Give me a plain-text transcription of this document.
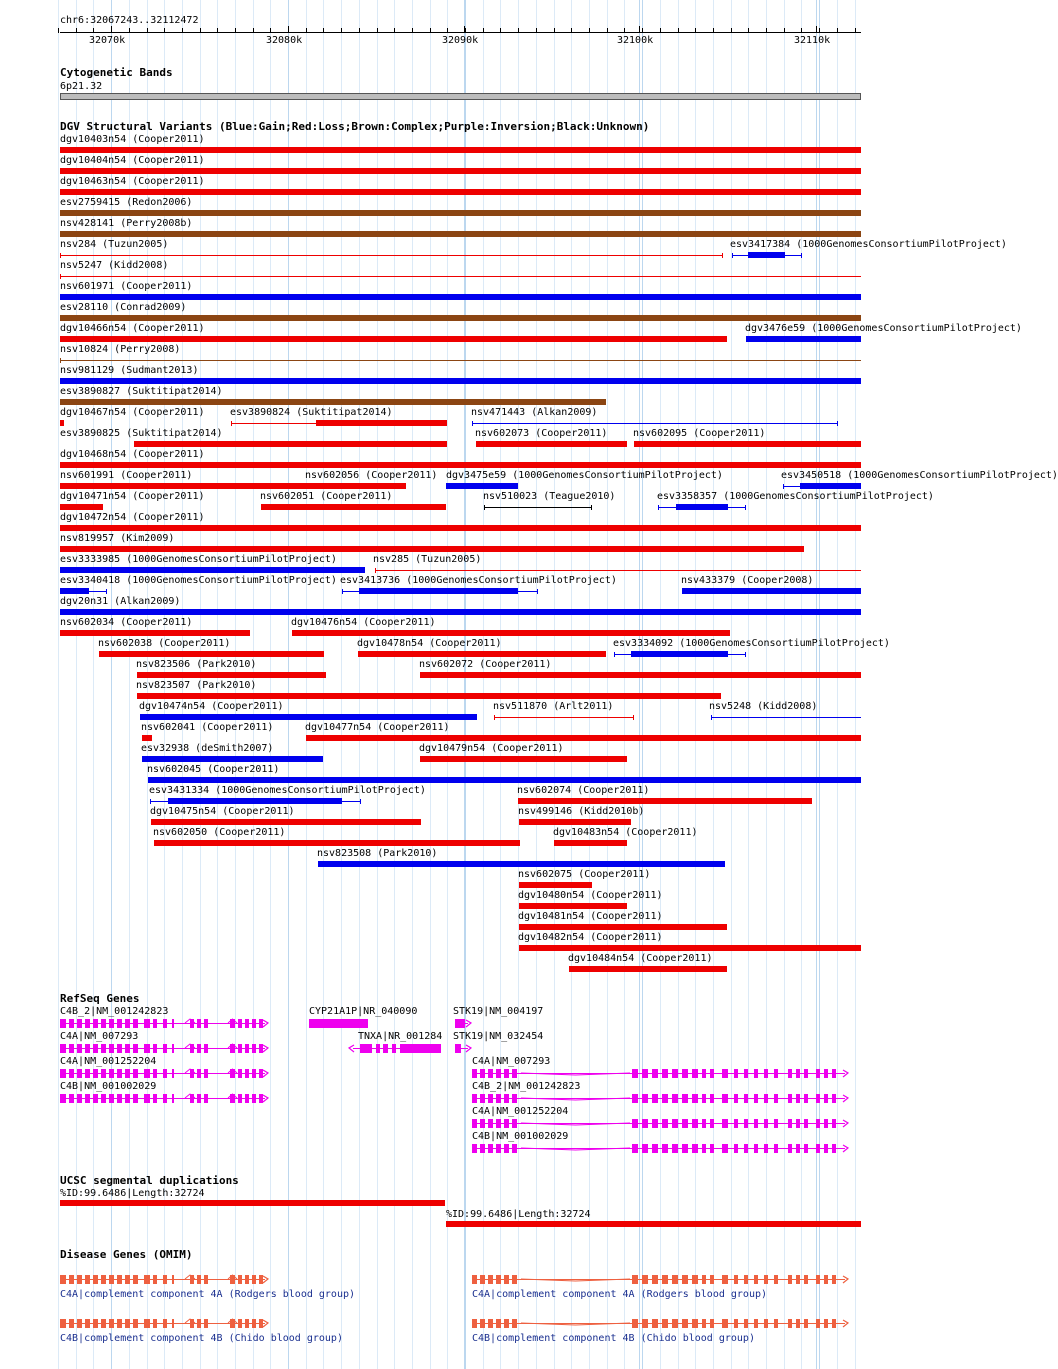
chr6:32067243..32112472
32070k	32080k	32090k	32100k	32110k
Cytogenetic Bands
6p21.32
DGV Structural Variants (Blue:Gain;Red:Loss;Brown:Complex;Purple:Inversion;Black:Unknown)
dgv10403n54 (Cooper2011)
dgv10404n54 (Cooper2011)
dgv10463n54 (Cooper2011)
esv2759415 (Redon2006)
nsv428141 (Perry2008b)
nsv284 (Tuzun2005)	esv3417384 (1000GenomesConsortiumPilotProject)
nsv5247 (Kidd2008)
nsv601971 (Cooper2011)
esv28110 (Conrad2009)
dgv10466n54 (Cooper2011)	dgv3476e59 (1000GenomesConsortiumPilotProject)
nsv10824 (Perry2008)
nsv981129 (Sudmant2013)
esv3890827 (Suktitipat2014)
dgv10467n54 (Cooper2011)	esv3890824 (Suktitipat2014)	nsv471443 (Alkan2009)
esv3890825 (Suktitipat2014)	nsv602073 (Cooper2011)	nsv602095 (Cooper2011)
dgv10468n54 (Cooper2011)
nsv601991 (Cooper2011)	nsv602056 (Cooper2011) dgv3475e59 (1000GenomesConsortiumPilotProject)	esv3450518 (1000GenomesConsortiumPilotProject)
dgv10471n54 (Cooper2011)	nsv602051 (Cooper2011)	nsv510023 (Teague2010)	esv3358357 (1000GenomesConsortiumPilotProject)
dgv10472n54 (Cooper2011)
nsv819957 (Kim2009)
esv3333985 (1000GenomesConsortiumPilotProject)	nsv285 (Tuzun2005)
esv3340418 (1000GenomesConsortiumPilotProject) esv3413736 (1000GenomesConsortiumPilotProject)	nsv433379 (Cooper2008)
dgv20n31 (Alkan2009)
nsv602034 (Cooper2011)	dgv10476n54 (Cooper2011)
nsv602038 (Cooper2011)	dgv10478n54 (Cooper2011)	esv3334092 (1000GenomesConsortiumPilotProject)
nsv823506 (Park2010)	nsv602072 (Cooper2011)
nsv823507 (Park2010)
dgv10474n54 (Cooper2011)	nsv511870 (Arlt2011)	nsv5248 (Kidd2008)
nsv602041 (Cooper2011)	dgv10477n54 (Cooper2011)
esv32938 (deSmith2007)	dgv10479n54 (Cooper2011)
nsv602045 (Cooper2011)
esv3431334 (1000GenomesConsortiumPilotProject)	nsv602074 (Cooper2011)
dgv10475n54 (Cooper2011)	nsv499146 (Kidd2010b)
nsv602050 (Cooper2011)	dgv10483n54 (Cooper2011)
nsv823508 (Park2010)
nsv602075 (Cooper2011)
dgv10480n54 (Cooper2011)
dgv10481n54 (Cooper2011)
dgv10482n54 (Cooper2011)
dgv10484n54 (Cooper2011)
RefSeq Genes
C4B_2|NM_001242823	CYP21A1P|NR_040090	STK19|NM_004197
C4A|NM_007293	TNXA|NR_001284 STK19|NM_032454
C4A|NM_001252204	C4A|NM_007293
C4B|NM_001002029	C4B_2|NM_001242823
C4A|NM_001252204
C4B|NM_001002029
UCSC segmental duplications
%ID:99.6486|Length:32724
%ID:99.6486|Length:32724
Disease Genes (OMIM)
C4A|complement component 4A (Rodgers blood group)	C4A|complement component 4A (Rodgers blood group)
C4B|complement component 4B (Chido blood group)	C4B|complement component 4B (Chido blood group)
